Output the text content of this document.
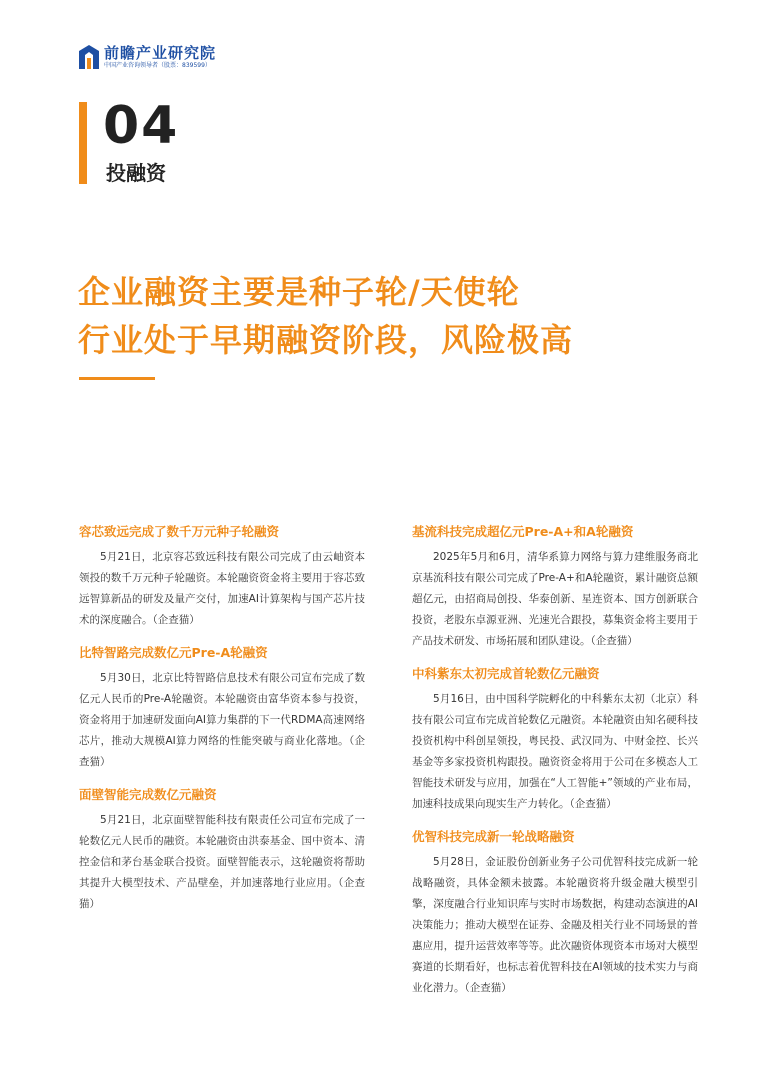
前瞻产业研究院
中国产业咨询领导者（股票：839599）
04
投融资
企业融资主要是种子轮/天使轮
行业处于早期融资阶段，风险极高
容芯致远完成了数千万元种子轮融资
5月21日，北京容芯致远科技有限公司完成了由云岫资本领投的数千万元种子轮融资。本轮融资资金将主要用于容芯致远智算新品的研发及量产交付，加速AI计算架构与国产芯片技术的深度融合。（企查猫）
比特智路完成数亿元Pre-A轮融资
5月30日，北京比特智路信息技术有限公司宣布完成了数亿元人民币的Pre-A轮融资。本轮融资由富华资本参与投资，资金将用于加速研发面向AI算力集群的下一代RDMA高速网络芯片，推动大规模AI算力网络的性能突破与商业化落地。（企查猫）
面壁智能完成数亿元融资
5月21日，北京面壁智能科技有限责任公司宣布完成了一轮数亿元人民币的融资。本轮融资由洪泰基金、国中资本、清控金信和茅台基金联合投资。面壁智能表示，这轮融资将帮助其提升大模型技术、产品壁垒，并加速落地行业应用。（企查猫）
基流科技完成超亿元Pre-A+和A轮融资
2025年5月和6月，清华系算力网络与算力建维服务商北京基流科技有限公司完成了Pre-A+和A轮融资，累计融资总额超亿元，由招商局创投、华泰创新、星连资本、国方创新联合投资，老股东卓源亚洲、光速光合跟投，募集资金将主要用于产品技术研发、市场拓展和团队建设。（企查猫）
中科紫东太初完成首轮数亿元融资
5月16日，由中国科学院孵化的中科紫东太初（北京）科技有限公司宣布完成首轮数亿元融资。本轮融资由知名硬科技投资机构中科创星领投，粤民投、武汉同为、中财金控、长兴基金等多家投资机构跟投。融资资金将用于公司在多模态人工智能技术研发与应用，加强在“人工智能+”领域的产业布局，加速科技成果向现实生产力转化。（企查猫）
优智科技完成新一轮战略融资
5月28日，金证股份创新业务子公司优智科技完成新一轮战略融资，具体金额未披露。本轮融资将升级金融大模型引擎，深度融合行业知识库与实时市场数据，构建动态演进的AI决策能力；推动大模型在证券、金融及相关行业不同场景的普惠应用，提升运营效率等等。此次融资体现资本市场对大模型赛道的长期看好，也标志着优智科技在AI领域的技术实力与商业化潜力。（企查猫）
